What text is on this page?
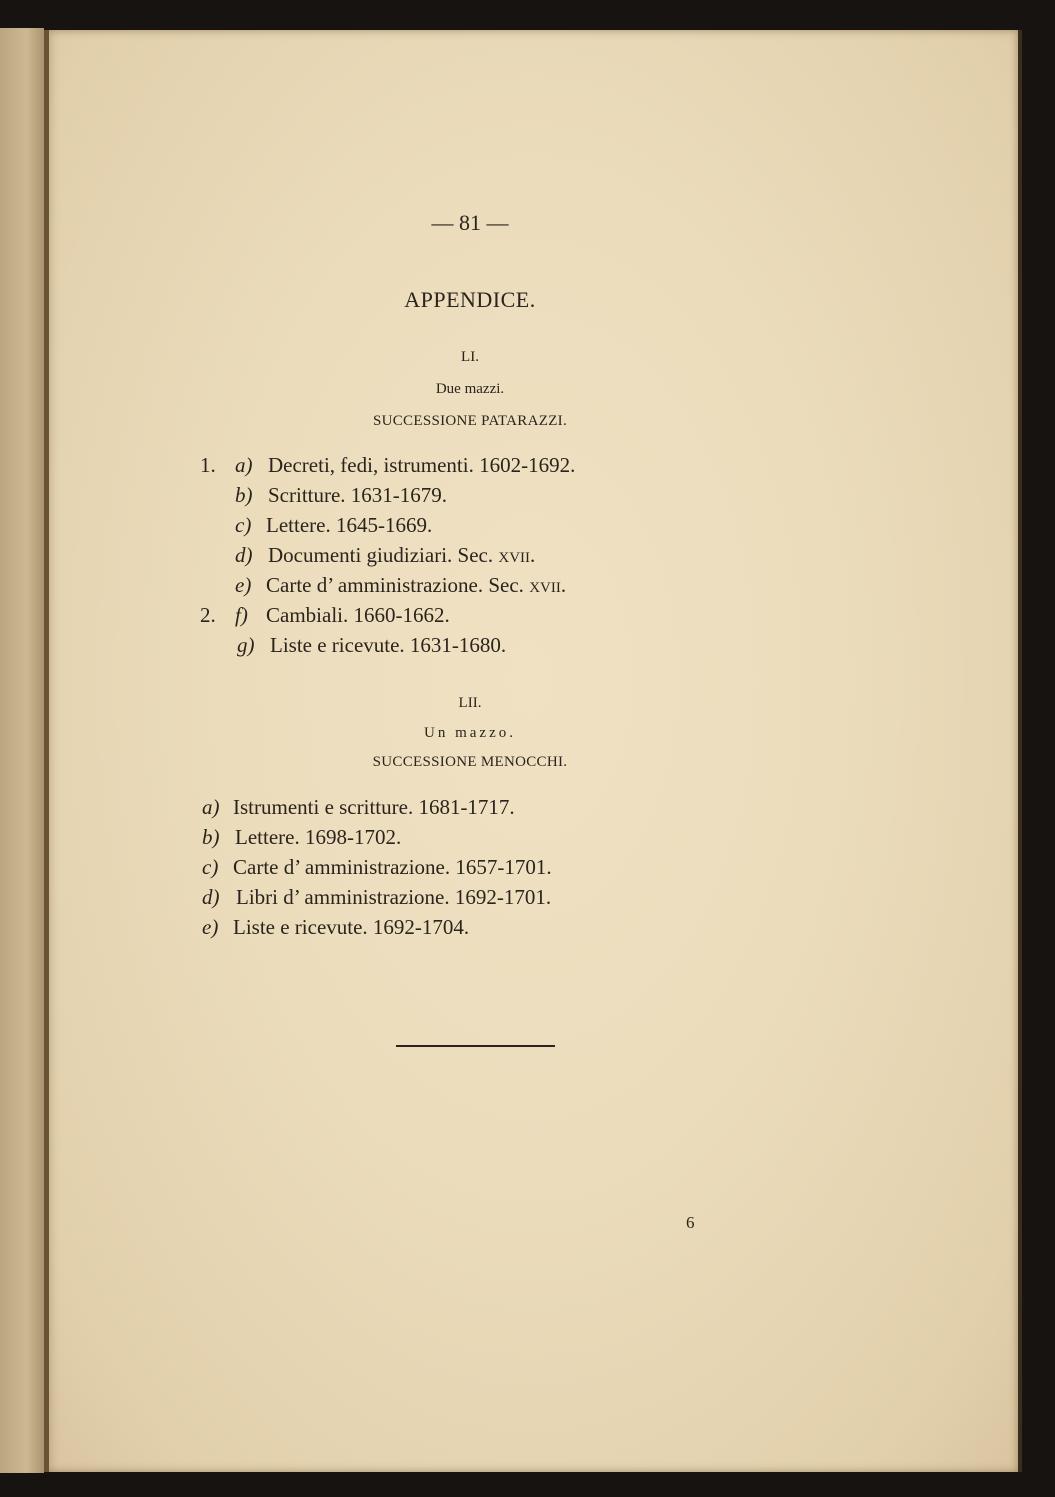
— 81 —
APPENDICE.
LI.
Due mazzi.
SUCCESSIONE PATARAZZI.
1. a) Decreti, fedi, istrumenti. 1602-1692.
b) Scritture. 1631-1679.
c) Lettere. 1645-1669.
d) Documenti giudiziari. Sec. xvii.
e) Carte d’ amministrazione. Sec. xvii.
2. f) Cambiali. 1660-1662.
g) Liste e ricevute. 1631-1680.
LII.
Un mazzo.
SUCCESSIONE MENOCCHI.
a) Istrumenti e scritture. 1681-1717.
b) Lettere. 1698-1702.
c) Carte d’ amministrazione. 1657-1701.
d) Libri d’ amministrazione. 1692-1701.
e) Liste e ricevute. 1692-1704.
6
